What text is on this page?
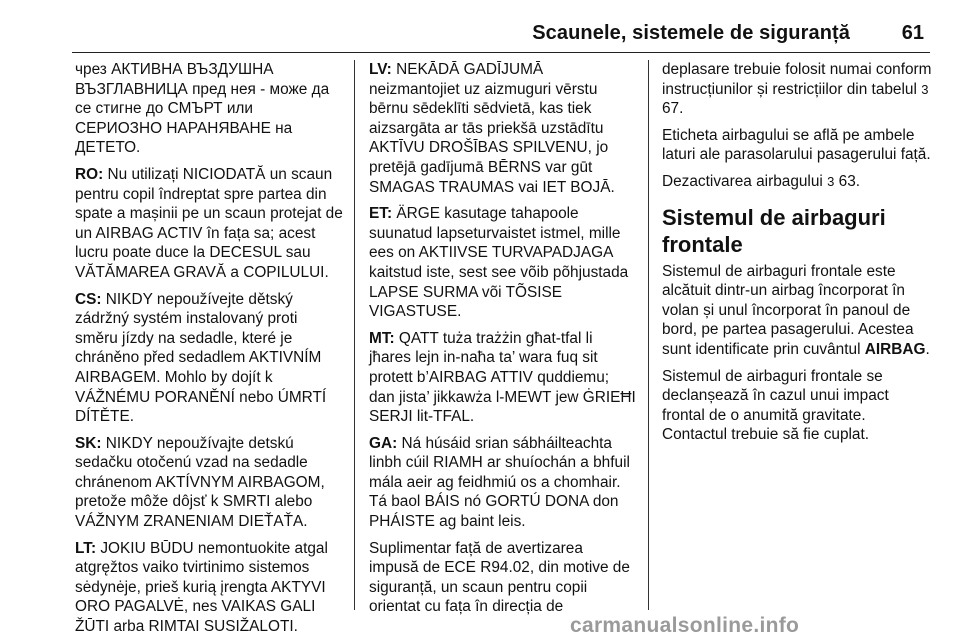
Scaunele, sistemele de siguranță	61

чрез АКТИВНА ВЪЗДУШНА ВЪЗГЛАВНИЦА пред нея - може да се стигне до СМЪРТ или СЕРИОЗНО НАРАНЯВАНЕ на ДЕТЕТО.

RO: Nu utilizați NICIODATĂ un scaun pentru copil îndreptat spre partea din spate a mașinii pe un scaun protejat de un AIRBAG ACTIV în fața sa; acest lucru poate duce la DECESUL sau VĂTĂMAREA GRAVĂ a COPILULUI.

CS: NIKDY nepoužívejte dětský zádržný systém instalovaný proti směru jízdy na sedadle, které je chráněno před sedadlem AKTIVNÍM AIRBAGEM. Mohlo by dojít k VÁŽNÉMU PORANĚNÍ nebo ÚMRTÍ DÍTĚTE.

SK: NIKDY nepoužívajte detskú sedačku otočenú vzad na sedadle chránenom AKTÍVNYM AIRBAGOM, pretože môže dôjsť k SMRTI alebo VÁŽNYM ZRANENIAM DIEŤAŤA.

LT: JOKIU BŪDU nemontuokite atgal atgręžtos vaiko tvirtinimo sistemos sėdynėje, prieš kurią įrengta AKTYVI ORO PAGALVĖ, nes VAIKAS GALI ŽŪTI arba RIMTAI SUSIŽALOTI.

LV: NEKĀDĀ GADĪJUMĀ neizmantojiet uz aizmuguri vērstu bērnu sēdeklīti sēdvietā, kas tiek aizsargāta ar tās priekšā uzstādītu AKTĪVU DROŠĪBAS SPILVENU, jo pretējā gadījumā BĒRNS var gūt SMAGAS TRAUMAS vai IET BOJĀ.

ET: ÄRGE kasutage tahapoole suunatud lapseturvaistet istmel, mille ees on AKTIIVSE TURVAPADJAGA kaitstud iste, sest see võib põhjustada LAPSE SURMA või TÕSISE VIGASTUSE.

MT: QATT tuża trażżin għat-tfal li jħares lejn in-naħa ta’ wara fuq sit protett b’AIRBAG ATTIV quddiemu; dan jista’ jikkawża l-MEWT jew ĠRIEĦI SERJI lit-TFAL.

GA: Ná húsáid srian sábháilteachta linbh cúil RIAMH ar shuíochán a bhfuil mála aeir ag feidhmiú os a chomhair. Tá baol BÁIS nó GORTÚ DONA don PHÁISTE ag baint leis.

Suplimentar față de avertizarea impusă de ECE R94.02, din motive de siguranță, un scaun pentru copii orientat cu fața în direcția de

deplasare trebuie folosit numai conform instrucțiunilor și restricțiilor din tabelul 3 67.

Eticheta airbagului se află pe ambele laturi ale parasolarului pasagerului față.

Dezactivarea airbagului 3 63.

Sistemul de airbaguri frontale

Sistemul de airbaguri frontale este alcătuit dintr-un airbag încorporat în volan și unul încorporat în panoul de bord, pe partea pasagerului. Acestea sunt identificate prin cuvântul AIRBAG.

Sistemul de airbaguri frontale se declanșează în cazul unui impact frontal de o anumită gravitate. Contactul trebuie să fie cuplat.

carmanualsonline.info
